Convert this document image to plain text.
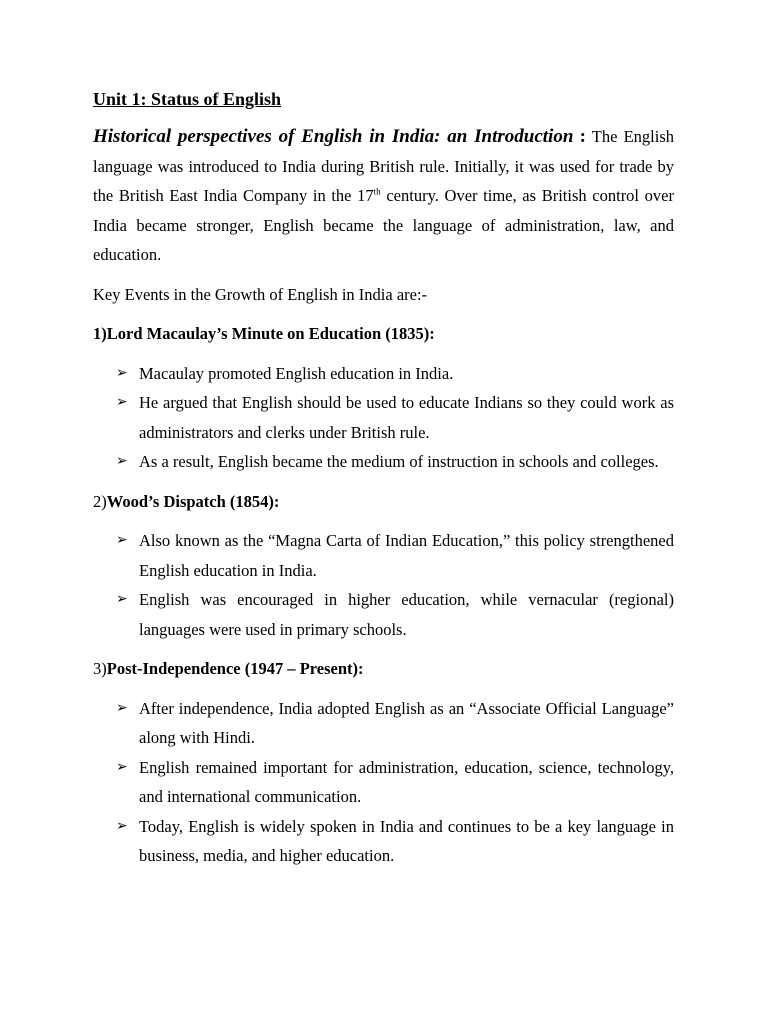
Unit 1: Status of English

Historical perspectives of English in India: an Introduction : The English language was introduced to India during British rule. Initially, it was used for trade by the British East India Company in the 17th century. Over time, as British control over India became stronger, English became the language of administration, law, and education.

Key Events in the Growth of English in India are:-

1)Lord Macaulay’s Minute on Education (1835):

➢ Macaulay promoted English education in India.
➢ He argued that English should be used to educate Indians so they could work as administrators and clerks under British rule.
➢ As a result, English became the medium of instruction in schools and colleges.

2)Wood’s Dispatch (1854):

➢ Also known as the “Magna Carta of Indian Education,” this policy strengthened English education in India.
➢ English was encouraged in higher education, while vernacular (regional) languages were used in primary schools.

3)Post-Independence (1947 – Present):

➢ After independence, India adopted English as an “Associate Official Language” along with Hindi.
➢ English remained important for administration, education, science, technology, and international communication.
➢ Today, English is widely spoken in India and continues to be a key language in business, media, and higher education.
